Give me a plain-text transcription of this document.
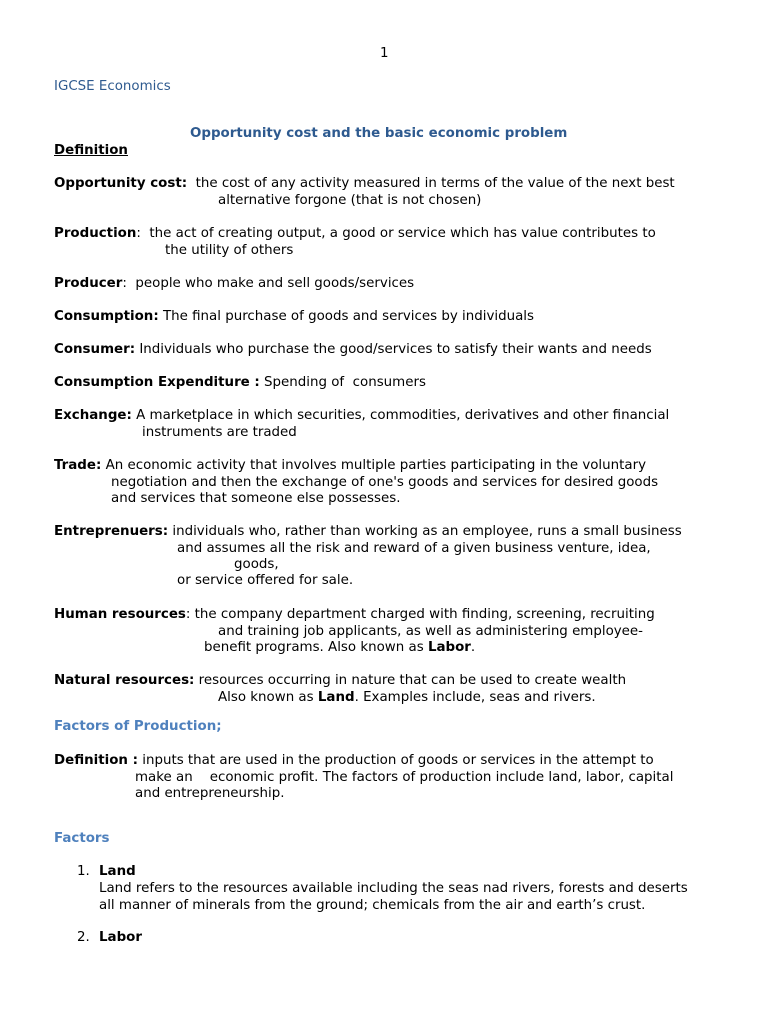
1
IGCSE Economics
Opportunity cost and the basic economic problem
Definition
Opportunity cost:  the cost of any activity measured in terms of the value of the next best
alternative forgone (that is not chosen)
Production:  the act of creating output, a good or service which has value contributes to
the utility of others
Producer:  people who make and sell goods/services
Consumption: The final purchase of goods and services by individuals
Consumer: Individuals who purchase the good/services to satisfy their wants and needs
Consumption Expenditure : Spending of  consumers
Exchange: A marketplace in which securities, commodities, derivatives and other financial
instruments are traded
Trade: An economic activity that involves multiple parties participating in the voluntary
negotiation and then the exchange of one's goods and services for desired goods
and services that someone else possesses.
Entreprenuers: individuals who, rather than working as an employee, runs a small business
and assumes all the risk and reward of a given business venture, idea,
goods,
or service offered for sale.
Human resources: the company department charged with finding, screening, recruiting
and training job applicants, as well as administering employee-
benefit programs. Also known as Labor.
Natural resources: resources occurring in nature that can be used to create wealth
Also known as Land. Examples include, seas and rivers.
Factors of Production;
Definition : inputs that are used in the production of goods or services in the attempt to
make an    economic profit. The factors of production include land, labor, capital
and entrepreneurship.
Factors
1. Land
Land refers to the resources available including the seas nad rivers, forests and deserts
all manner of minerals from the ground; chemicals from the air and earth’s crust.
2. Labor
